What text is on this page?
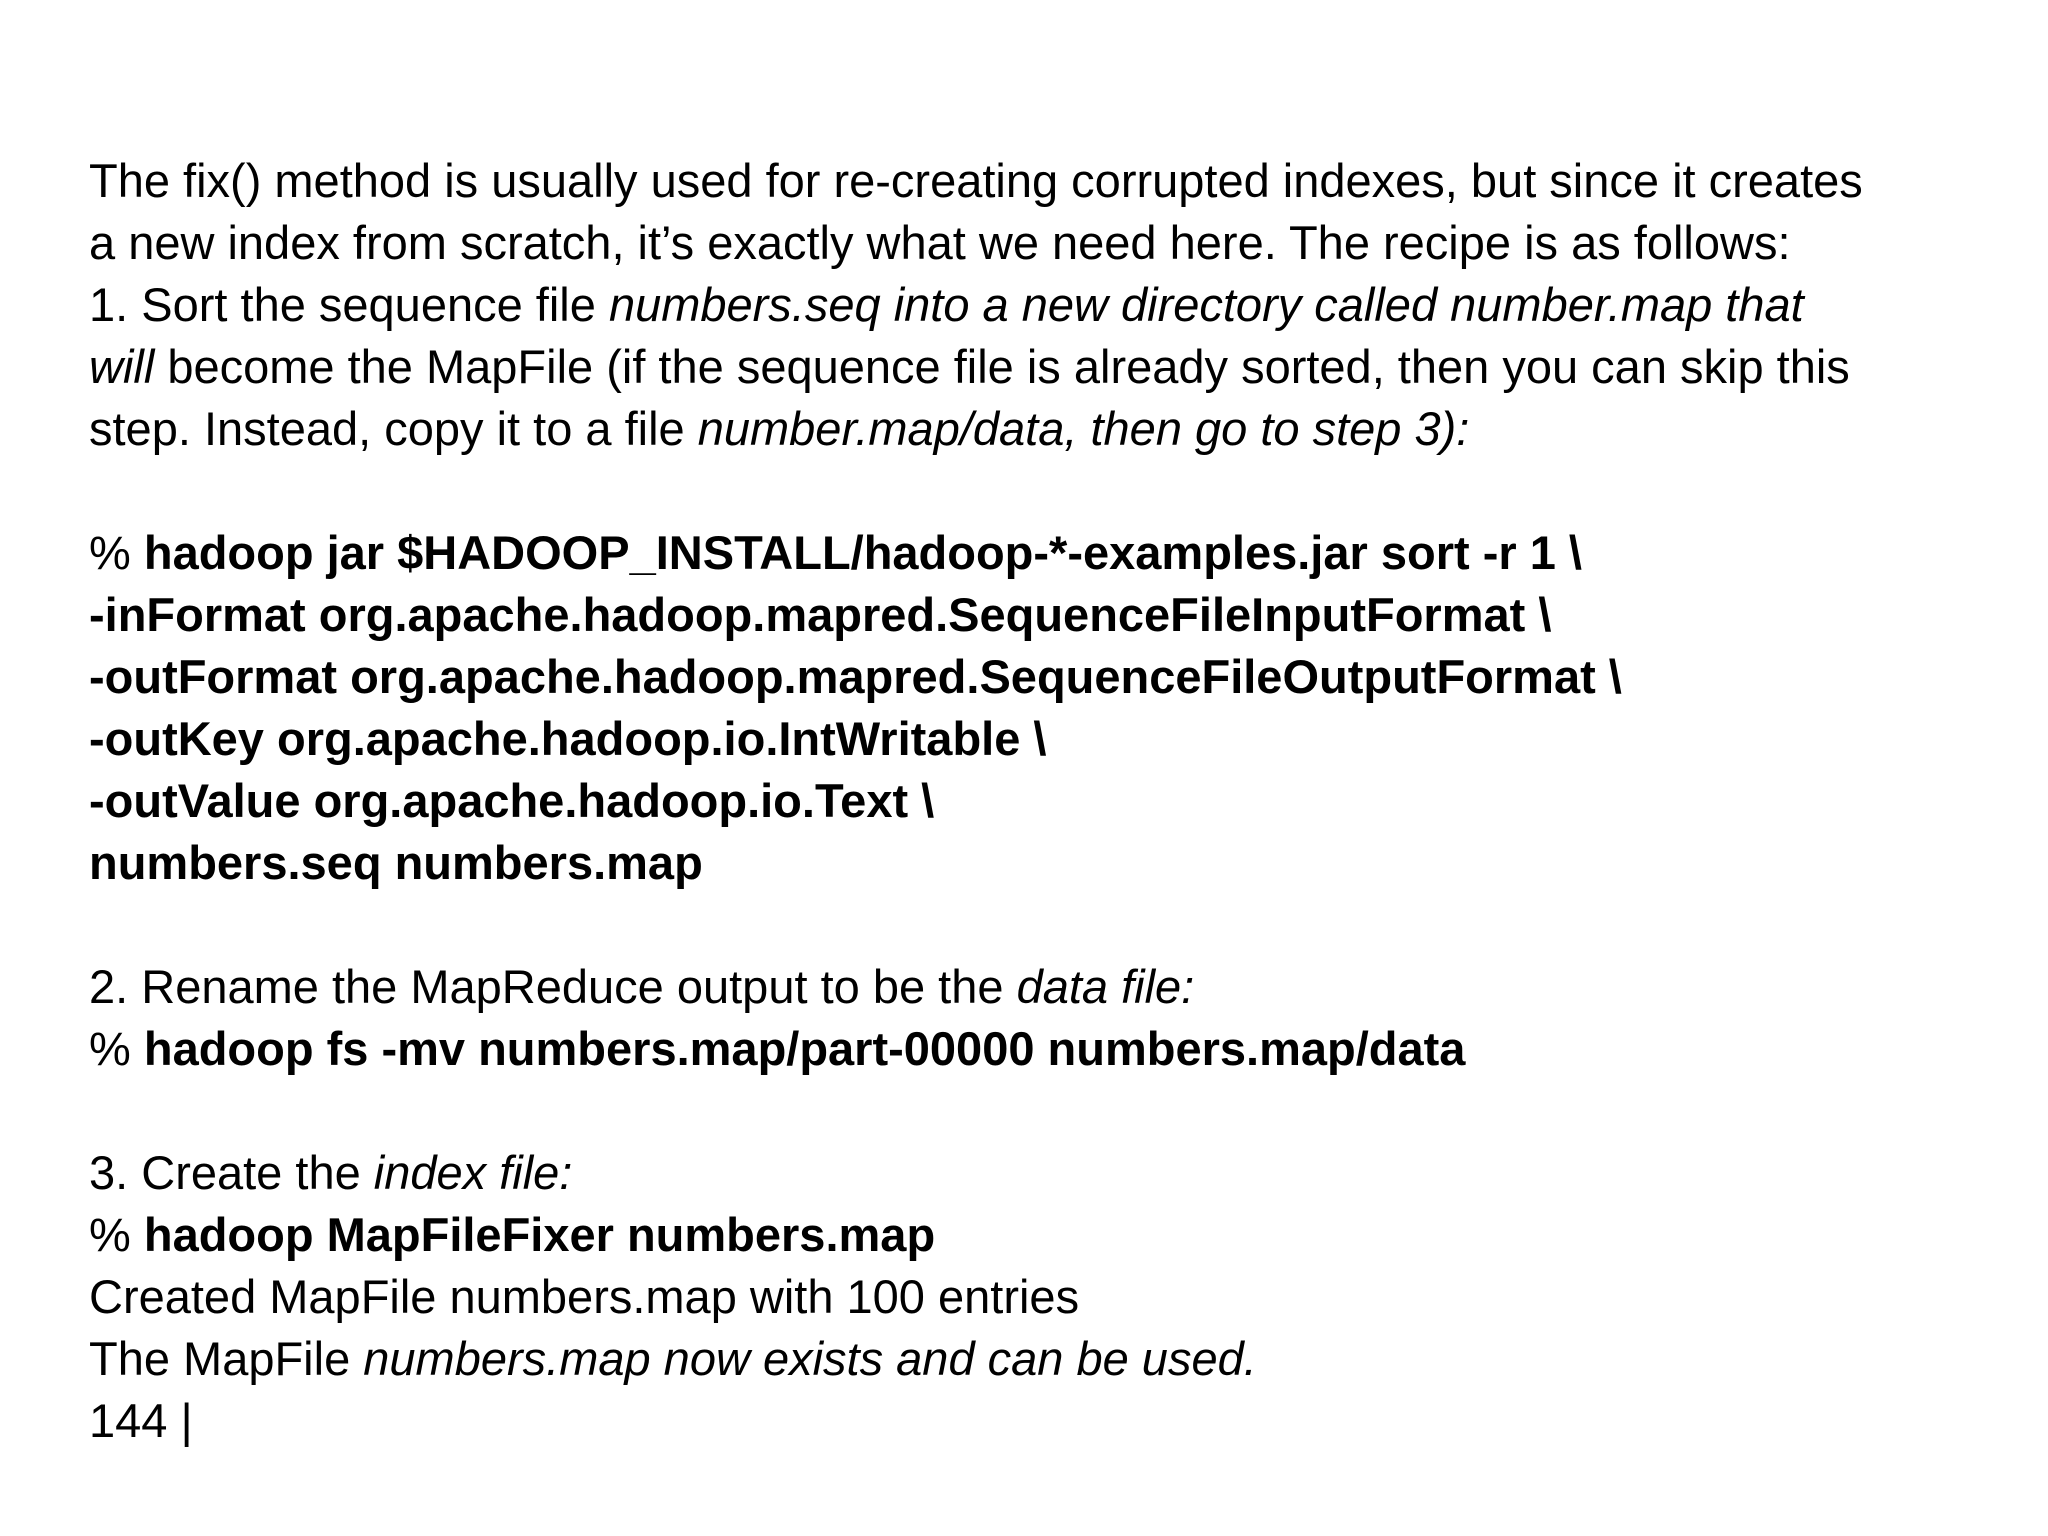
The fix() method is usually used for re-creating corrupted indexes, but since it creates

a new index from scratch, it’s exactly what we need here. The recipe is as follows:

1. Sort the sequence file numbers.seq into a new directory called number.map that

will become the MapFile (if the sequence file is already sorted, then you can skip this

step. Instead, copy it to a file number.map/data, then go to step 3):

% hadoop jar $HADOOP_INSTALL/hadoop-*-examples.jar sort -r 1 \

-inFormat org.apache.hadoop.mapred.SequenceFileInputFormat \

-outFormat org.apache.hadoop.mapred.SequenceFileOutputFormat \

-outKey org.apache.hadoop.io.IntWritable \

-outValue org.apache.hadoop.io.Text \

numbers.seq numbers.map

2. Rename the MapReduce output to be the data file:

% hadoop fs -mv numbers.map/part-00000 numbers.map/data

3. Create the index file:

% hadoop MapFileFixer numbers.map

Created MapFile numbers.map with 100 entries

The MapFile numbers.map now exists and can be used.

144 |
